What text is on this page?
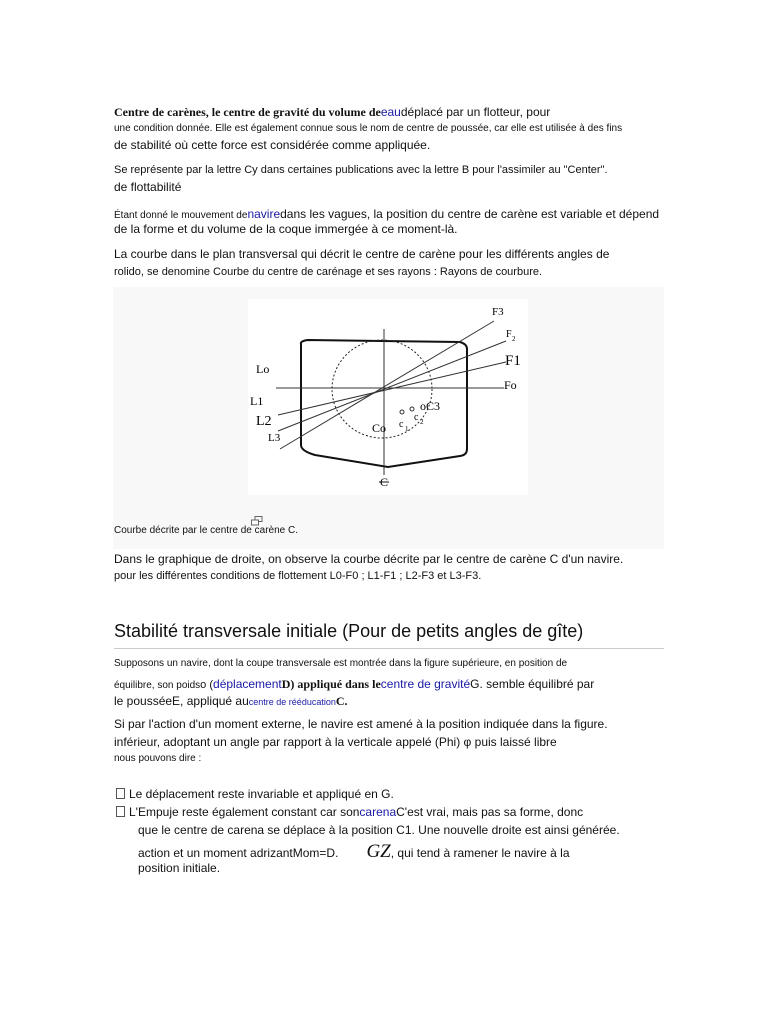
Centre de carènes, le centre de gravité du volume deeaudéplacé par un flotteur, pour
une condition donnée. Elle est également connue sous le nom de centre de poussée, car elle est utilisée à des fins
de stabilité où cette force est considérée comme appliquée.
Se représente par la lettre Cy dans certaines publications avec la lettre B pour l'assimiler au "Center".
de flottabilité
Étant donné le mouvement denaviredans les vagues, la position du centre de carène est variable et dépend
de la forme et du volume de la coque immergée à ce moment-là.
La courbe dans le plan transversal qui décrit le centre de carène pour les différents angles de
rolido, se denomine Courbe du centre de carénage et ses rayons : Rayons de courbure.
F3
F 2
F1
Fo
Lo
L1
L2
L3
Co c 1
c 2
oC3
C
Courbe décrite par le centre de carène C.
Dans le graphique de droite, on observe la courbe décrite par le centre de carène C d'un navire.
pour les différentes conditions de flottement L0-F0 ; L1-F1 ; L2-F3 et L3-F3.
Stabilité transversale initiale (Pour de petits angles de gîte)
Supposons un navire, dont la coupe transversale est montrée dans la figure supérieure, en position de
équilibre, son poidso (déplacementD) appliqué dans lecentre de gravitéG. semble équilibré par
le pousséeE, appliqué aucentre de rééducationC.
Si par l'action d'un moment externe, le navire est amené à la position indiquée dans la figure.
inférieur, adoptant un angle par rapport à la verticale appelé (Phi) φ puis laissé libre
nous pouvons dire :
Le déplacement reste invariable et appliqué en G.
L'Empuje reste également constant car soncarenaC'est vrai, mais pas sa forme, donc
que le centre de carena se déplace à la position C1. Une nouvelle droite est ainsi générée.
action et un moment adrizantMom=D. GZ, qui tend à ramener le navire à la
position initiale.
